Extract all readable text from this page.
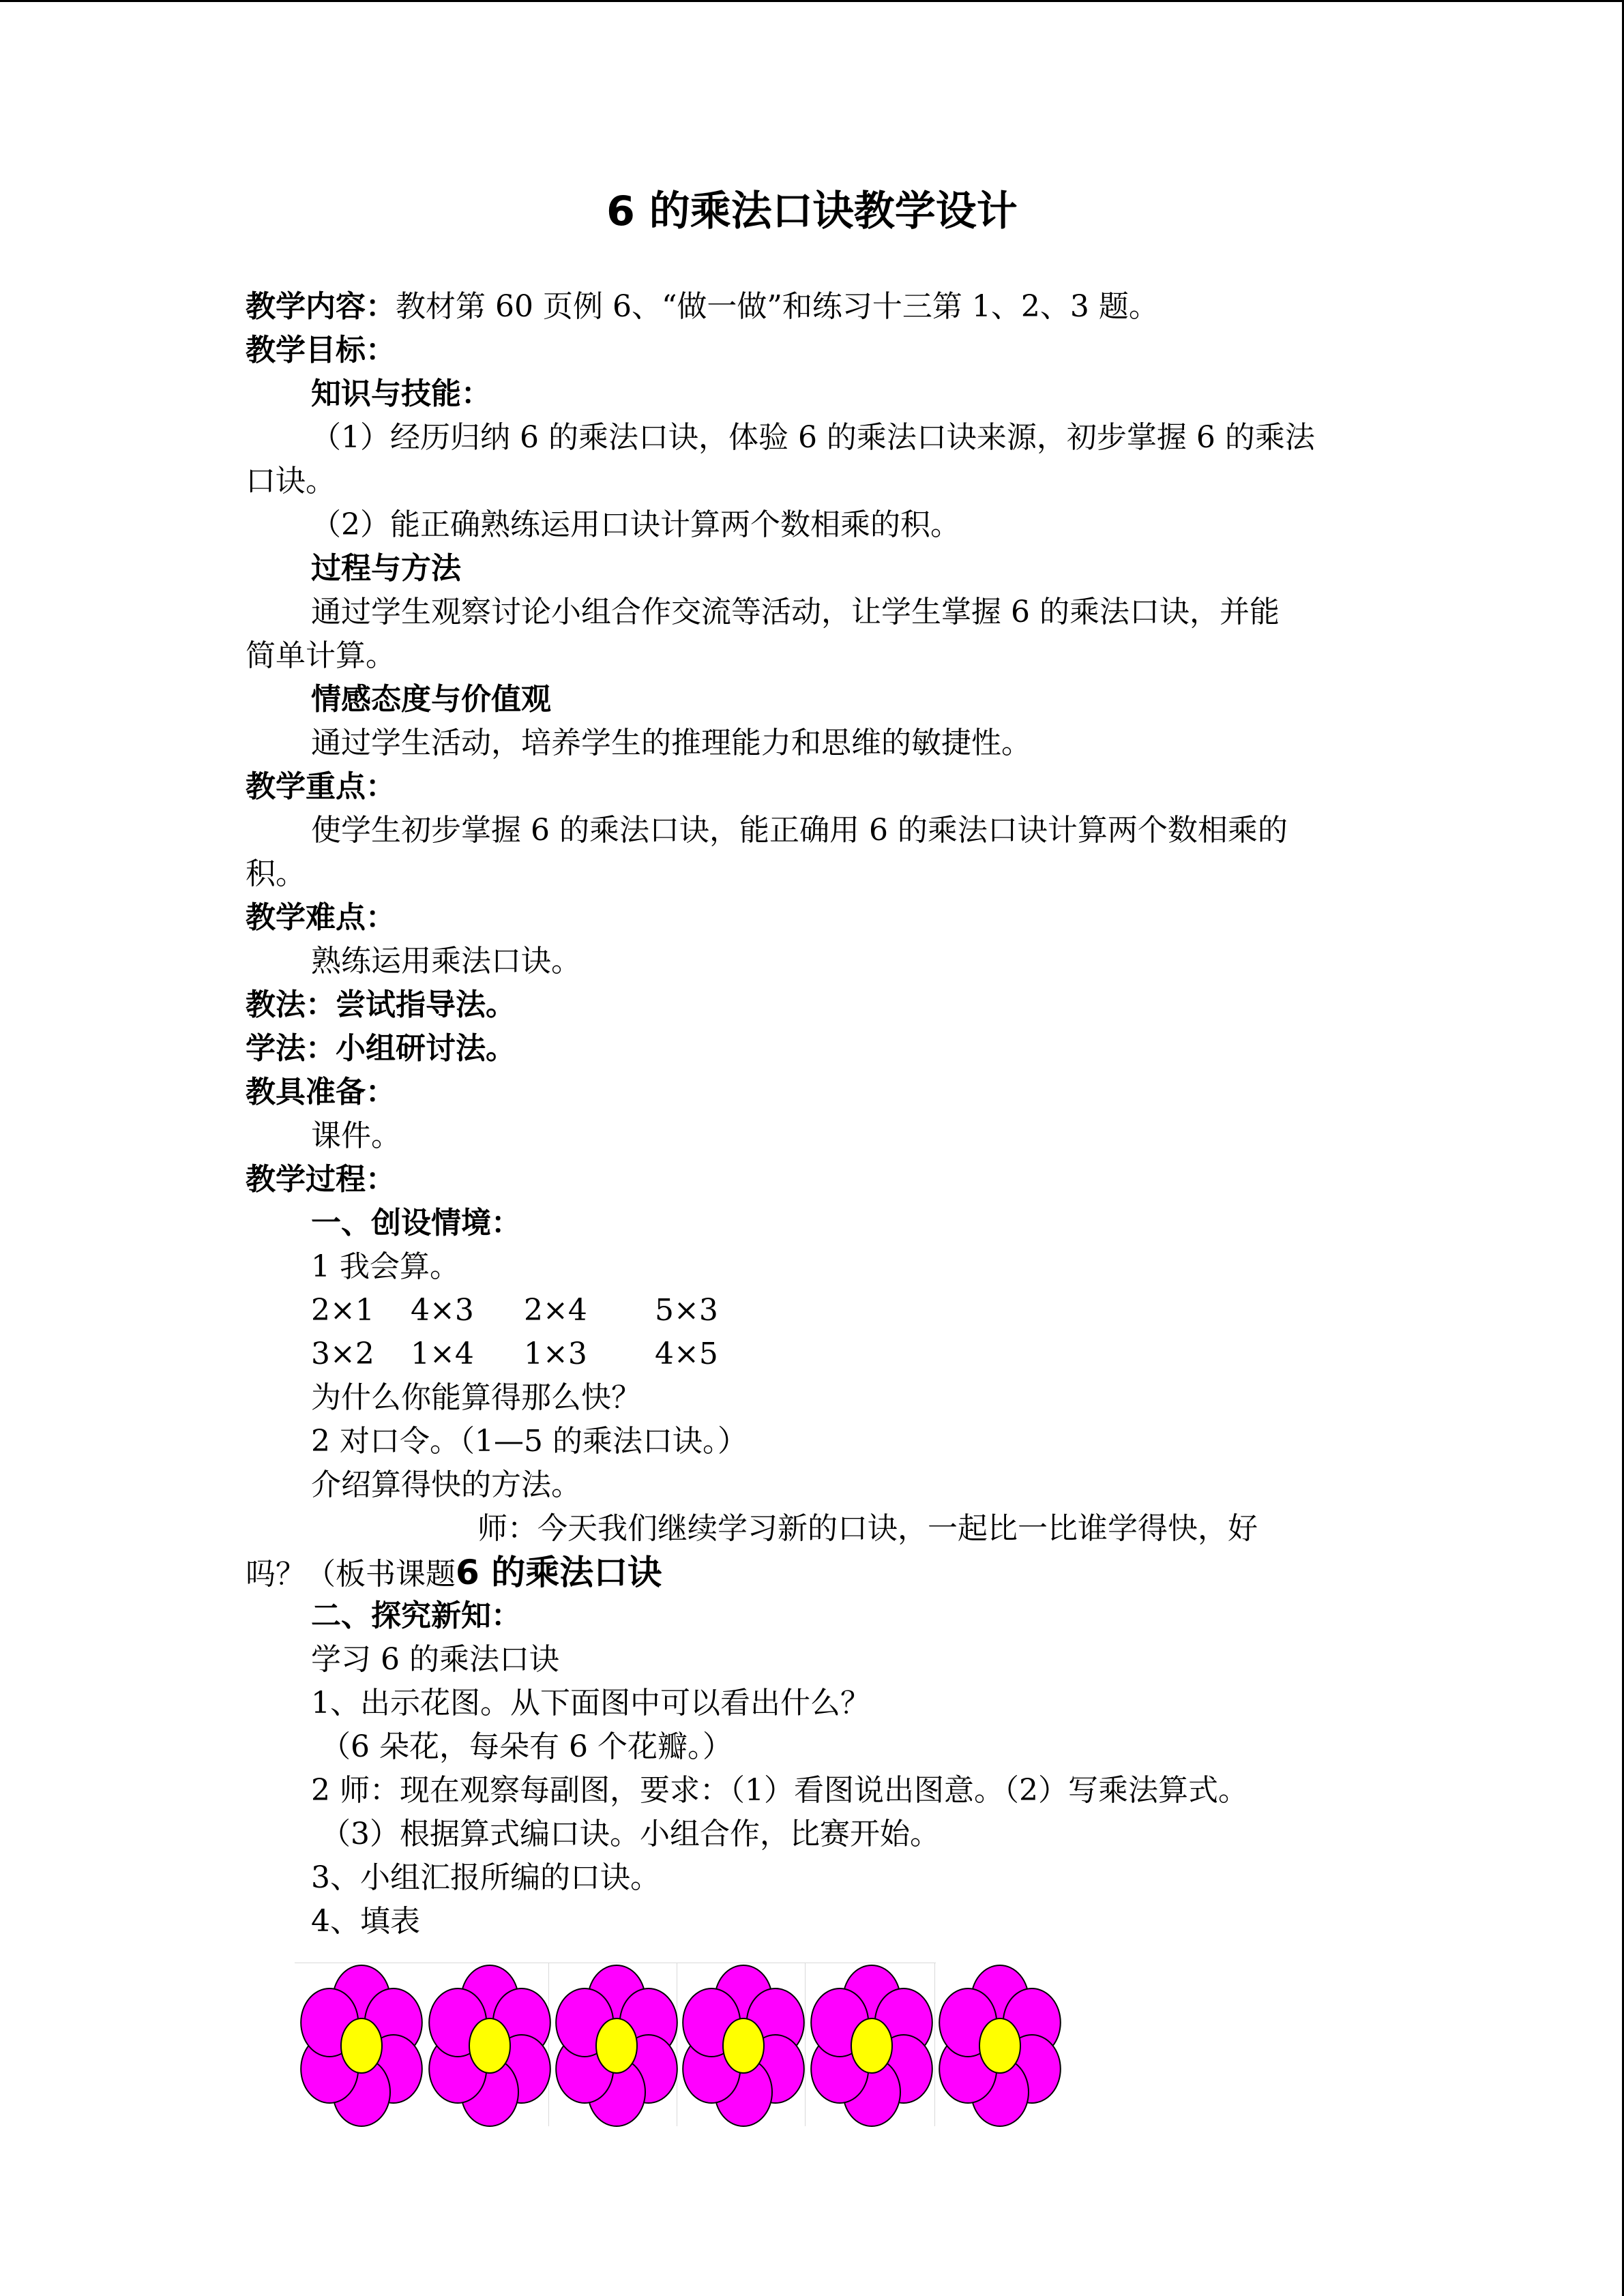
6 的乘法口诀教学设计
教学内容：教材第 60 页例 6、“做一做”和练习十三第 1、2、3 题。
教学目标：
知识与技能：
（1）经历归纳 6 的乘法口诀，体验 6 的乘法口诀来源，初步掌握 6 的乘法
口诀。
（2）能正确熟练运用口诀计算两个数相乘的积。
过程与方法
通过学生观察讨论小组合作交流等活动，让学生掌握 6 的乘法口诀，并能
简单计算。
情感态度与价值观
通过学生活动，培养学生的推理能力和思维的敏捷性。
教学重点：
使学生初步掌握 6 的乘法口诀，能正确用 6 的乘法口诀计算两个数相乘的
积。
教学难点：
熟练运用乘法口诀。
教法：尝试指导法。
学法：小组研讨法。
教具准备：
课件。
教学过程：
一、创设情境：
1 我会算。
2×1 4×3 2×4 5×3
3×2 1×4 1×3 4×5
为什么你能算得那么快？
2 对口令。（1—5 的乘法口诀。）
介绍算得快的方法。
师：今天我们继续学习新的口诀，一起比一比谁学得快，好
吗？（板书课题6 的乘法口诀
二、探究新知：
学习 6 的乘法口诀
1、出示花图。从下面图中可以看出什么？
（6 朵花，每朵有 6 个花瓣。）
2 师：现在观察每副图，要求：（1）看图说出图意。（2）写乘法算式。
（3）根据算式编口诀。小组合作，比赛开始。
3、小组汇报所编的口诀。
4、填表
